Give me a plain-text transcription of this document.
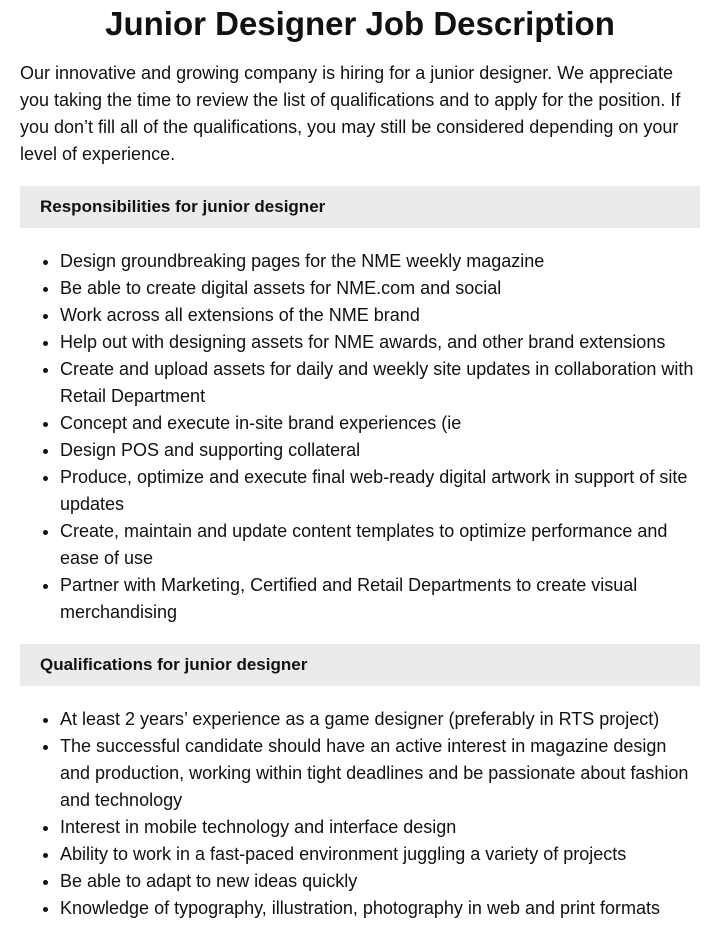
Junior Designer Job Description

Our innovative and growing company is hiring for a junior designer. We appreciate you taking the time to review the list of qualifications and to apply for the position. If you don’t fill all of the qualifications, you may still be considered depending on your level of experience.

Responsibilities for junior designer
• Design groundbreaking pages for the NME weekly magazine
• Be able to create digital assets for NME.com and social
• Work across all extensions of the NME brand
• Help out with designing assets for NME awards, and other brand extensions
• Create and upload assets for daily and weekly site updates in collaboration with Retail Department
• Concept and execute in-site brand experiences (ie
• Design POS and supporting collateral
• Produce, optimize and execute final web-ready digital artwork in support of site updates
• Create, maintain and update content templates to optimize performance and ease of use
• Partner with Marketing, Certified and Retail Departments to create visual merchandising
Qualifications for junior designer
• At least 2 years’ experience as a game designer (preferably in RTS project)
• The successful candidate should have an active interest in magazine design and production, working within tight deadlines and be passionate about fashion and technology
• Interest in mobile technology and interface design
• Ability to work in a fast-paced environment juggling a variety of projects
• Be able to adapt to new ideas quickly
• Knowledge of typography, illustration, photography in web and print formats
